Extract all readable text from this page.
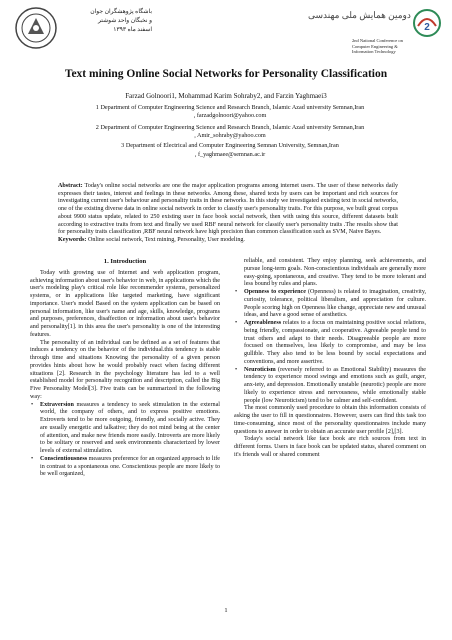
باشگاه پژوهشگران جوان
و نخبگان واحد شوشتر
اسفند ماه ۱۳۹۳
دومین همایش ملی مهندسی
2nd National Conference on
Computer Engineering &
Information Technology
2
Text mining Online Social Networks for Personality Classification
Farzad Golnoori1, Mohammad Karim Sohraby2, and Farzin Yaghmaei3
1 Department of Computer Engineering Science and Research Branch, Islamic Azad university Semnan,Iran
, farzadgolnoori@yahoo.com
2 Department of Computer Engineering Science and Research Branch, Islamic Azad university Semnan,Iran
, Amir_sohraby@yahoo.com
3 Department of Electrical and Computer Engineering Semnan University, Semnan,Iran
, f_yaghmaee@semnan.ac.ir

Abstract: Today's online social networks are one the major application programs among internet users. The user of these networks daily expresses their tastes, interest and feelings in these networks. Among these, shared texts by users can be important and rich sources for investigating current user's behaviour and personality traits in these networks. In this study we investigated existing text in social networks, one of the existing diverse data in online social network in order to classify user's personality traits. For this purpose, we built great corpus about 9900 status update, related to 250 existing user in face book social network, then with using this source, different datasets built according to extractive traits from text and finally we used RBF neural network for classify user's personality traits .The results show that for personality traits classification ,RBF neural network have high precision than common classification such as SVM, Naive Bayes.

Keywords: Online social network, Text mining, Personality, User modeling.

1. Introduction

Today with growing use of Internet and web application program, achieving information about user's behavior in web, in applications which the user's modeling play's critical role like recommender systems, personalized systems, or in applications like targeted marketing, have significant importance. User's model Based on the system application can be based on personal information, like user's name and age, skills, knowledge, programs and purposes, preferences, disaffection or information about user's behavior and personality[1]. in this area the user's personality is one of the interesting features.

The personality of an individual can be defined as a set of features that induces a tendency on the behavior of the individual.this tendency is stable through time and situations Knowing the personality of a given person provides hints about how he would probably react when facing different situations [2]. Research in the psychology literature has led to a well established model for personality recognition and description, called the Big Five Personality Model[3]. Five traits can be summarized in the following way:

• Extraversion measures a tendency to seek stimulation in the external world, the company of others, and to express positive emotions. Extroverts tend to be more outgoing, friendly, and socially active. They are usually energetic and talkative; they do not mind being at the center of attention, and make new friends more easily. Introverts are more likely to be solitary or reserved and seek environments characterized by lower levels of external stimulation.
• Conscientiousness measures preference for an organized approach to life in contrast to a spontaneous one. Conscientious people are more likely to be well organized,

reliable, and consistent. They enjoy planning, seek achievements, and pursue long-term goals. Non-conscientious individuals are generally more easy-going, spontaneous, and creative. They tend to be more tolerant and less bound by rules and plans.

• Openness to experience (Openness) is related to imagination, creativity, curiosity, tolerance, political liberalism, and appreciation for culture. People scoring high on Openness like change, appreciate new and unusual ideas, and have a good sense of aesthetics.
• Agreeableness relates to a focus on maintaining positive social relations, being friendly, compassionate, and cooperative. Agreeable people tend to trust others and adapt to their needs. Disagreeable people are more focused on themselves, less likely to compromise, and may be less gullible. They also tend to be less bound by social expectations and conventions, and more assertive.
• Neuroticism (reversely referred to as Emotional Stability) measures the tendency to experience mood swings and emotions such as guilt, anger, anx-iety, and depression. Emotionally unstable (neurotic) people are more likely to experience stress and nervousness, while emotionally stable people (low Neuroticism) tend to be calmer and self-confident.

The most commonly used procedure to obtain this information consists of asking the user to fill in questionnaires. However, users can find this task too time-consuming, since most of the personality questionnaires include many questions to answer in order to obtain an accurate user profile [2],[3].

Today's social network like face book are rich sources from text in different forms. Users in face book can be updated status, shared comment on it's friends wall or shared comment

1
